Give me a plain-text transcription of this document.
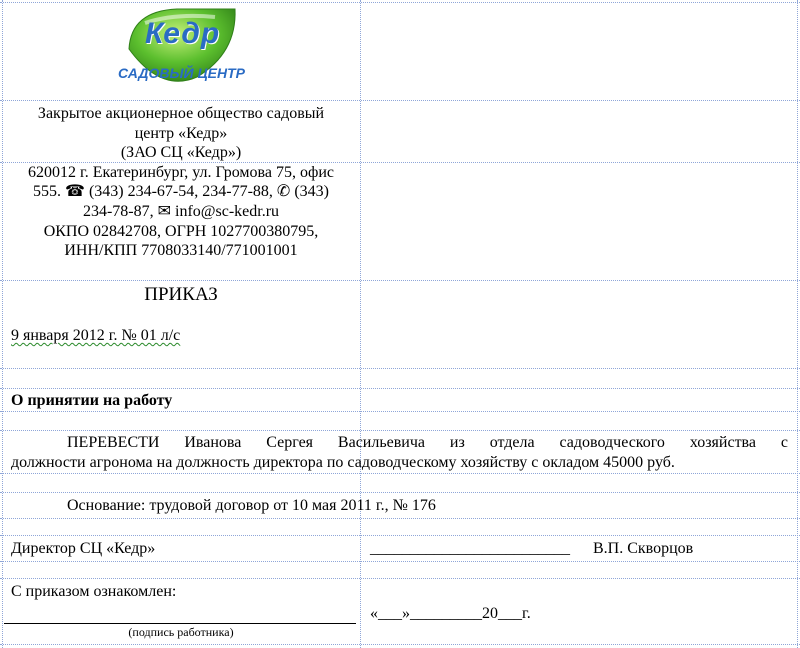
Кедр
САДОВЫЙ ЦЕНТР
Закрытое акционерное общество садовый
центр «Кедр»
(ЗАО СЦ «Кедр»)
620012 г. Екатеринбург, ул. Громова 75, офис
555. ☎ (343) 234-67-54, 234-77-88, ✆ (343)
234-78-87, ✉ info@sc-kedr.ru
ОКПО 02842708, ОГРН 1027700380795,
ИНН/КПП 7708033140/771001001
ПРИКАЗ
9 января 2012 г. № 01 л/с
О принятии на работу
ПЕРЕВЕСТИ Иванова Сергея Васильевича из отдела садоводческого хозяйства с
должности агронома на должность директора по садоводческому хозяйству с окладом 45000 руб.
Основание: трудовой договор от 10 мая 2011 г., № 176
Директор СЦ «Кедр»	_________________________ В.П. Скворцов
С приказом ознакомлен:
«___»_________20___г.
(подпись работника)
